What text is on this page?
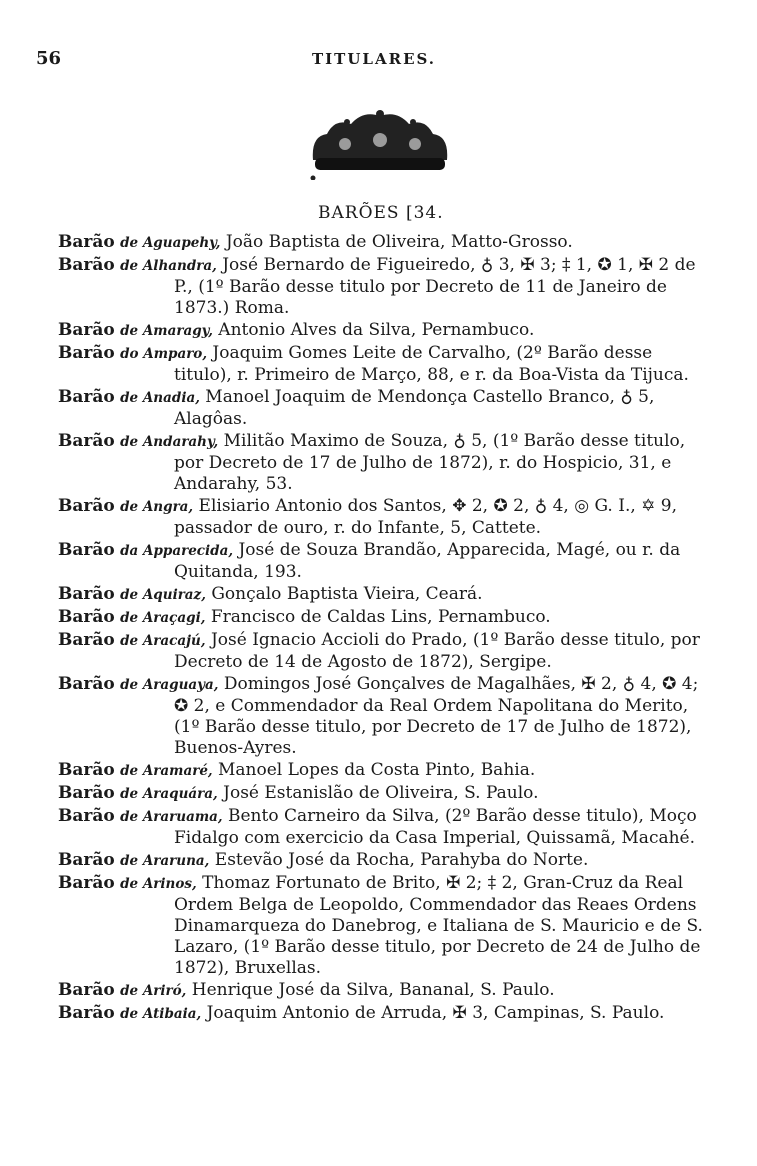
56	TITULARES.
BARÕES [34.

Barão de Aguapehy, João Baptista de Oliveira, Matto-Grosso.

Barão de Alhandra, José Bernardo de Figueiredo, ♁ 3, ✠ 3; ‡ 1, ✪ 1, ✠ 2 de P., (1º Barão desse titulo por Decreto de 11 de Janeiro de 1873.) Roma.

Barão de Amaragy, Antonio Alves da Silva, Pernambuco.

Barão do Amparo, Joaquim Gomes Leite de Carvalho, (2º Barão desse titulo), r. Primeiro de Março, 88, e r. da Boa-Vista da Tijuca.

Barão de Anadia, Manoel Joaquim de Mendonça Castello Branco, ♁ 5, Alagôas.

Barão de Andarahy, Militão Maximo de Souza, ♁ 5, (1º Barão desse titulo, por Decreto de 17 de Julho de 1872), r. do Hospicio, 31, e Andarahy, 53.

Barão de Angra, Elisiario Antonio dos Santos, ✥ 2, ✪ 2, ♁ 4, ◎ G. I., ✡ 9, passador de ouro, r. do Infante, 5, Cattete.

Barão da Apparecida, José de Souza Brandão, Apparecida, Magé, ou r. da Quitanda, 193.

Barão de Aquiraz, Gonçalo Baptista Vieira, Ceará.

Barão de Araçagi, Francisco de Caldas Lins, Pernambuco.

Barão de Aracajú, José Ignacio Accioli do Prado, (1º Barão desse titulo, por Decreto de 14 de Agosto de 1872), Sergipe.

Barão de Araguaya, Domingos José Gonçalves de Magalhães, ✠ 2, ♁ 4, ✪ 4; ✪ 2, e Commendador da Real Ordem Napolitana do Merito, (1º Barão desse titulo, por Decreto de 17 de Julho de 1872), Buenos-Ayres.

Barão de Aramaré, Manoel Lopes da Costa Pinto, Bahia.

Barão de Araquára, José Estanislão de Oliveira, S. Paulo.

Barão de Araruama, Bento Carneiro da Silva, (2º Barão desse titulo), Moço Fidalgo com exercicio da Casa Imperial, Quissamã, Macahé.

Barão de Araruna, Estevão José da Rocha, Parahyba do Norte.

Barão de Arinos, Thomaz Fortunato de Brito, ✠ 2; ‡ 2, Gran-Cruz da Real Ordem Belga de Leopoldo, Commendador das Reaes Ordens Dinamarqueza do Danebrog, e Italiana de S. Mauricio e de S. Lazaro, (1º Barão desse titulo, por Decreto de 24 de Julho de 1872), Bruxellas.

Barão de Ariró, Henrique José da Silva, Bananal, S. Paulo.

Barão de Atibaia, Joaquim Antonio de Arruda, ✠ 3, Campinas, S. Paulo.
